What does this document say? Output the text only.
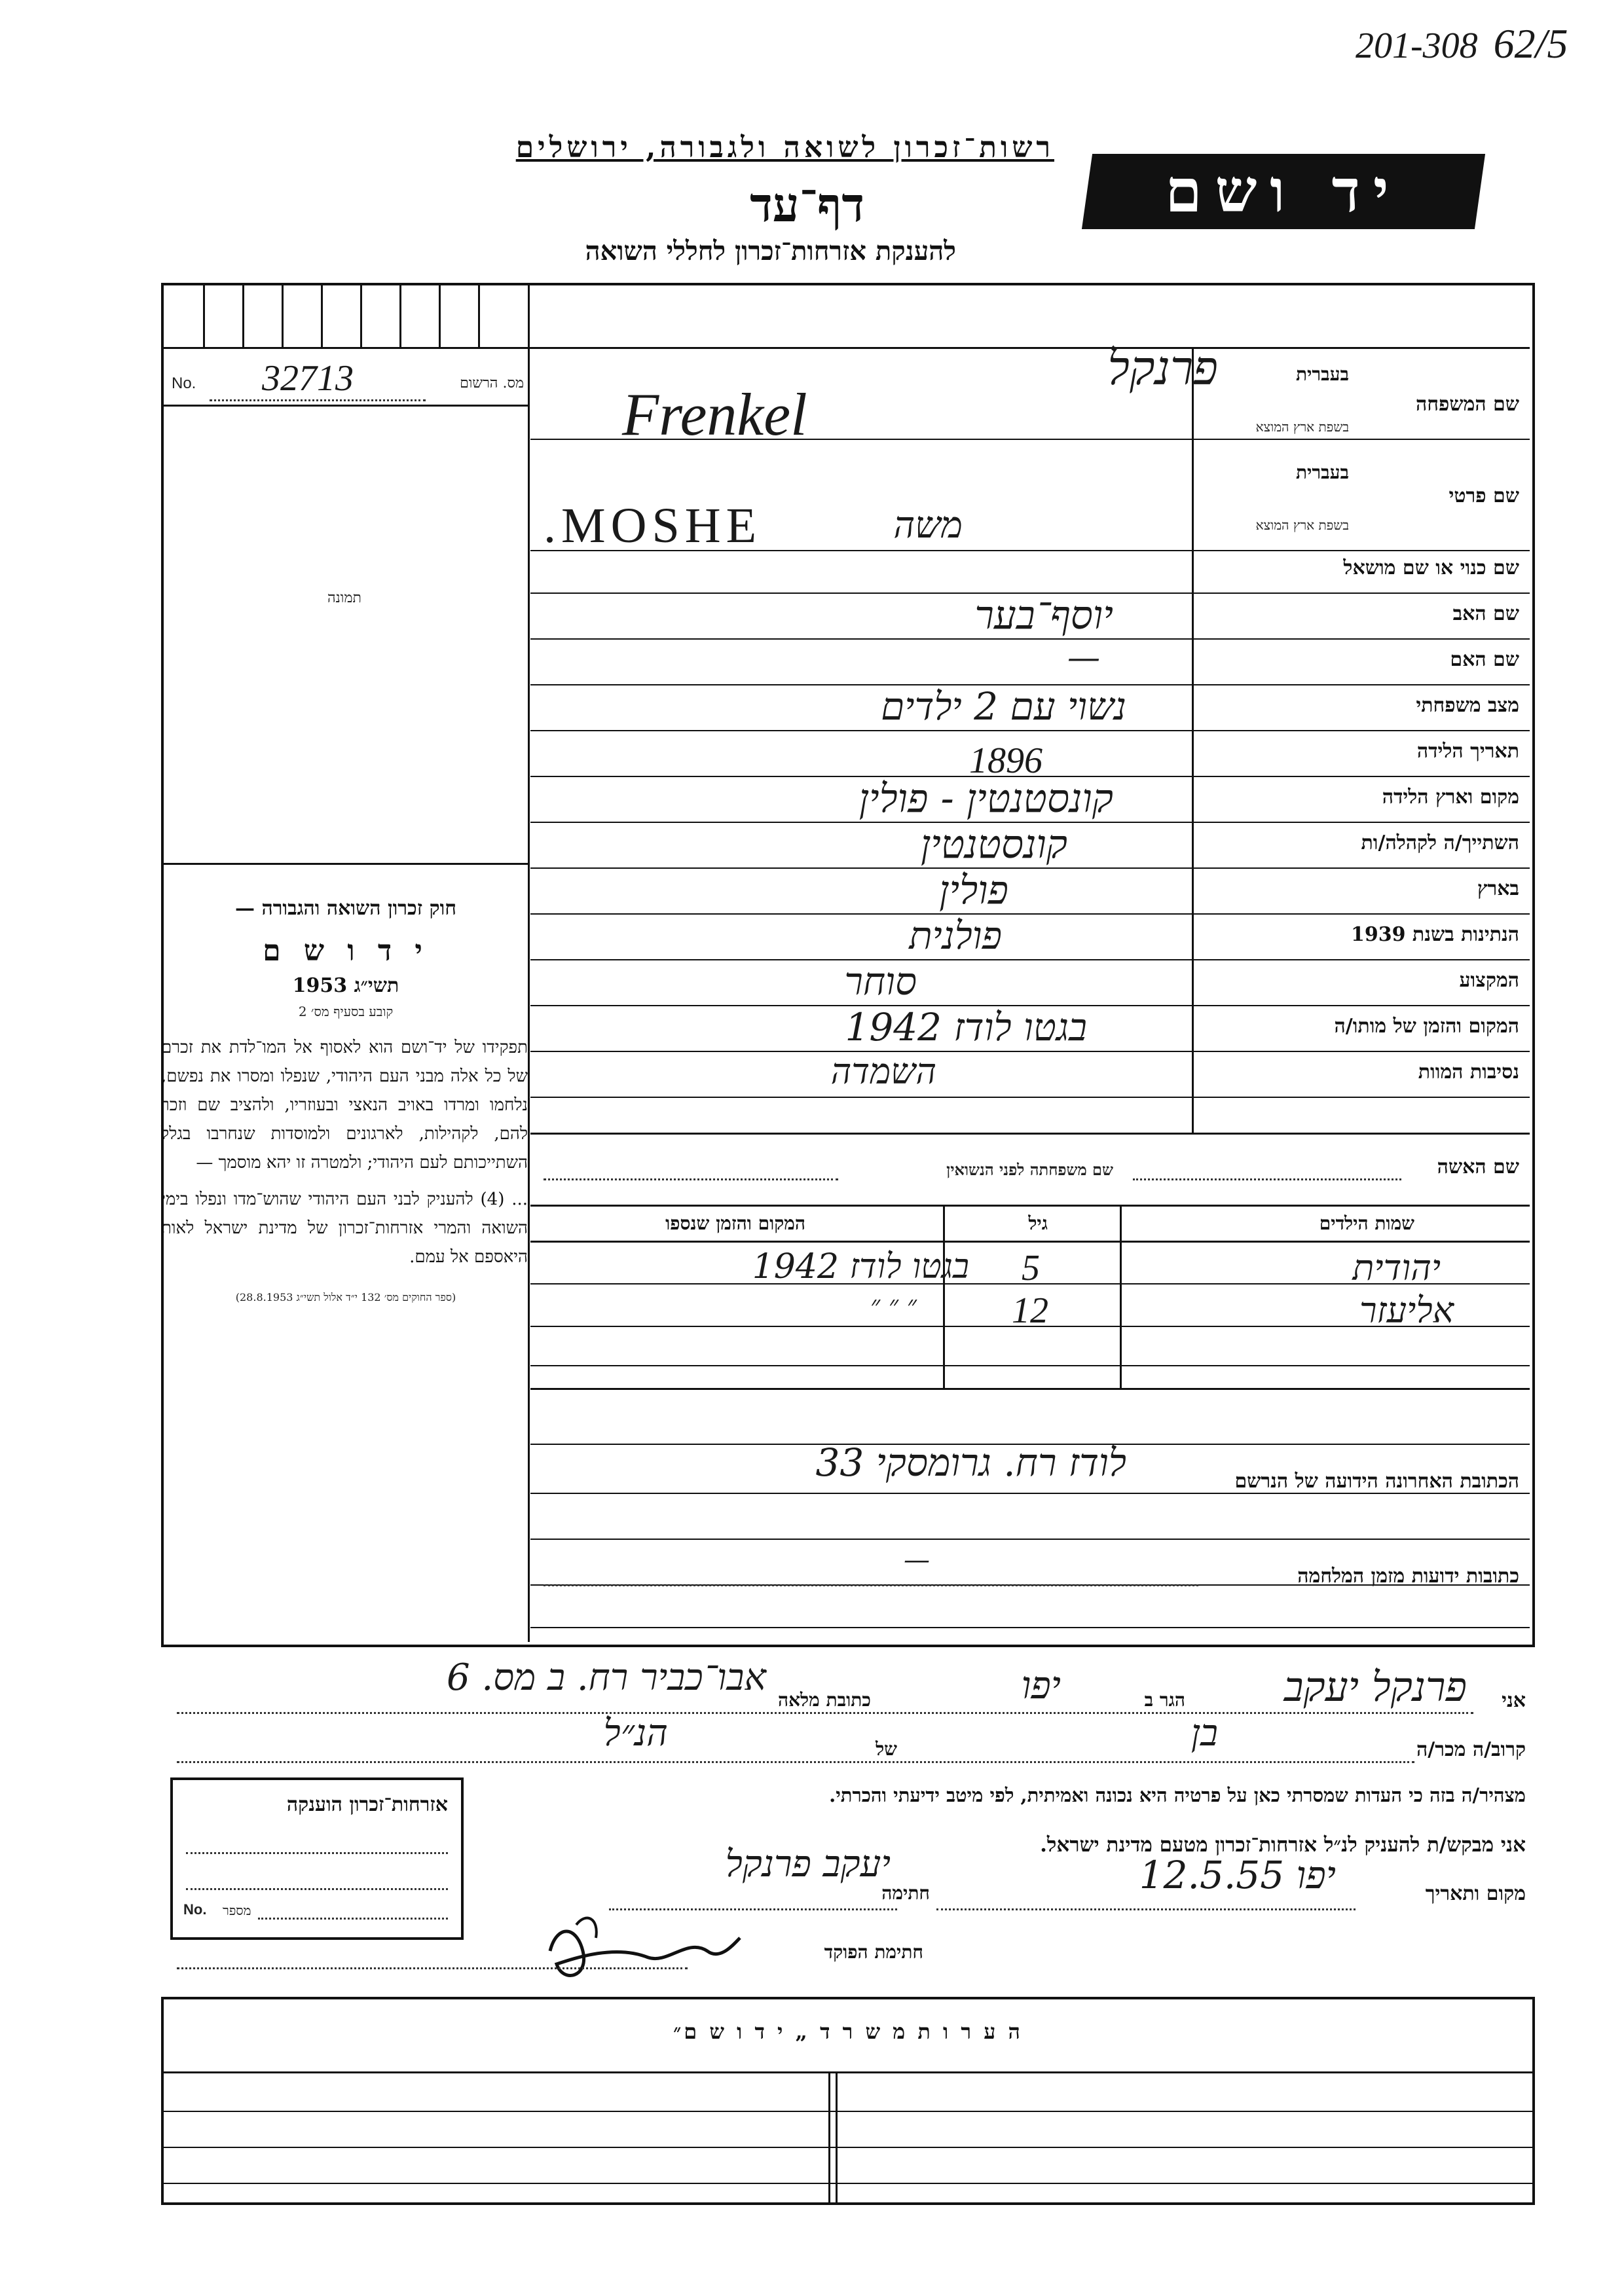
201-308 62/5
רשות־זכרון לשואה ולגבורה, ירושלים
דף־עד
להענקת אזרחות־זכרון לחללי השואה
יד ושם
No. 32713	מס. הרשום
תמונה
חוק זכרון השואה והגבורה —
י ד ו ש ם
תשי״ג 1953
קובע בסעיף מס׳ 2
תפקידו של יד־ושם הוא לאסוף אל המו־לדת את זכרם של כל אלה מבני העם היהודי, שנפלו ומסרו את נפשם, נלחמו ומרדו באויב הנאצי ובעוזריו, ולהציב שם וזכר להם, לקהילות, לארגונים ולמוסדות שנחרבו בגלל השתייכותם לעם היהודי; ולמטרה זו יהא מוסמך —
... (4) להעניק לבני העם היהודי שהוש־מדו ונפלו בימי השואה והמרי אזרחות־זכרון של מדינת ישראל לאות היאספם אל עמם.
(ספר החוקים מס׳ 132 י״ד אלול תשי״ג 28.8.1953)
בעברית
שם המשפחה
בשפת ארץ המוצא
פרנקל
Frenkel
בעברית
שם פרטי
בשפת ארץ המוצא
משה
.MOSHE
שם כנוי או שם מושאל
שם האב
יוסף־בער
שם האם
—
מצב משפחתי
נשוי עם 2 ילדים
תאריך הלידה
1896
מקום וארץ הלידה
קונסטנטין - פולין
השתייך/ה לקהלה/ות
קונסטנטין
בארץ
פולין
הנתינות בשנת 1939
פולנית
המקצוע
סוחר
המקום והזמן של מותו/ה
בגטו לודז 1942
נסיבות המוות
השמדה
שם האשה
שם משפחתה לפני הנשואין
שמות הילדים
גיל
המקום והזמן שנספו
יהודית
5
בגטו לודז 1942
אליעזר
12
״ ״ ״
הכתובת האחרונה הידועה של הנרשם
לודז רח. גרומסקי 33
כתובות ידועות מזמן המלחמה
—
אני
פרנקל יעקב
הגר ב
יפו
כתובת מלאה
אבו־כביר רח. ב מס. 6
קרוב/ה מכר/ה
בן
של
הנ״ל
מצהיר/ה בזה כי העדות שמסרתי כאן על פרטיה היא נכונה ואמיתית, לפי מיטב ידיעתי והכרתי.
אזרחות־זכרון הוענקה
No. מספר
אני מבקש/ת להעניק לנ״ל אזרחות־זכרון מטעם מדינת ישראל.
מקום ותאריך
יפו 12.5.55
חתימה
יעקב פרנקל
חתימת הפוקד
ה ע ר ו ת מ ש ר ד „ י ד ו ש ם״
